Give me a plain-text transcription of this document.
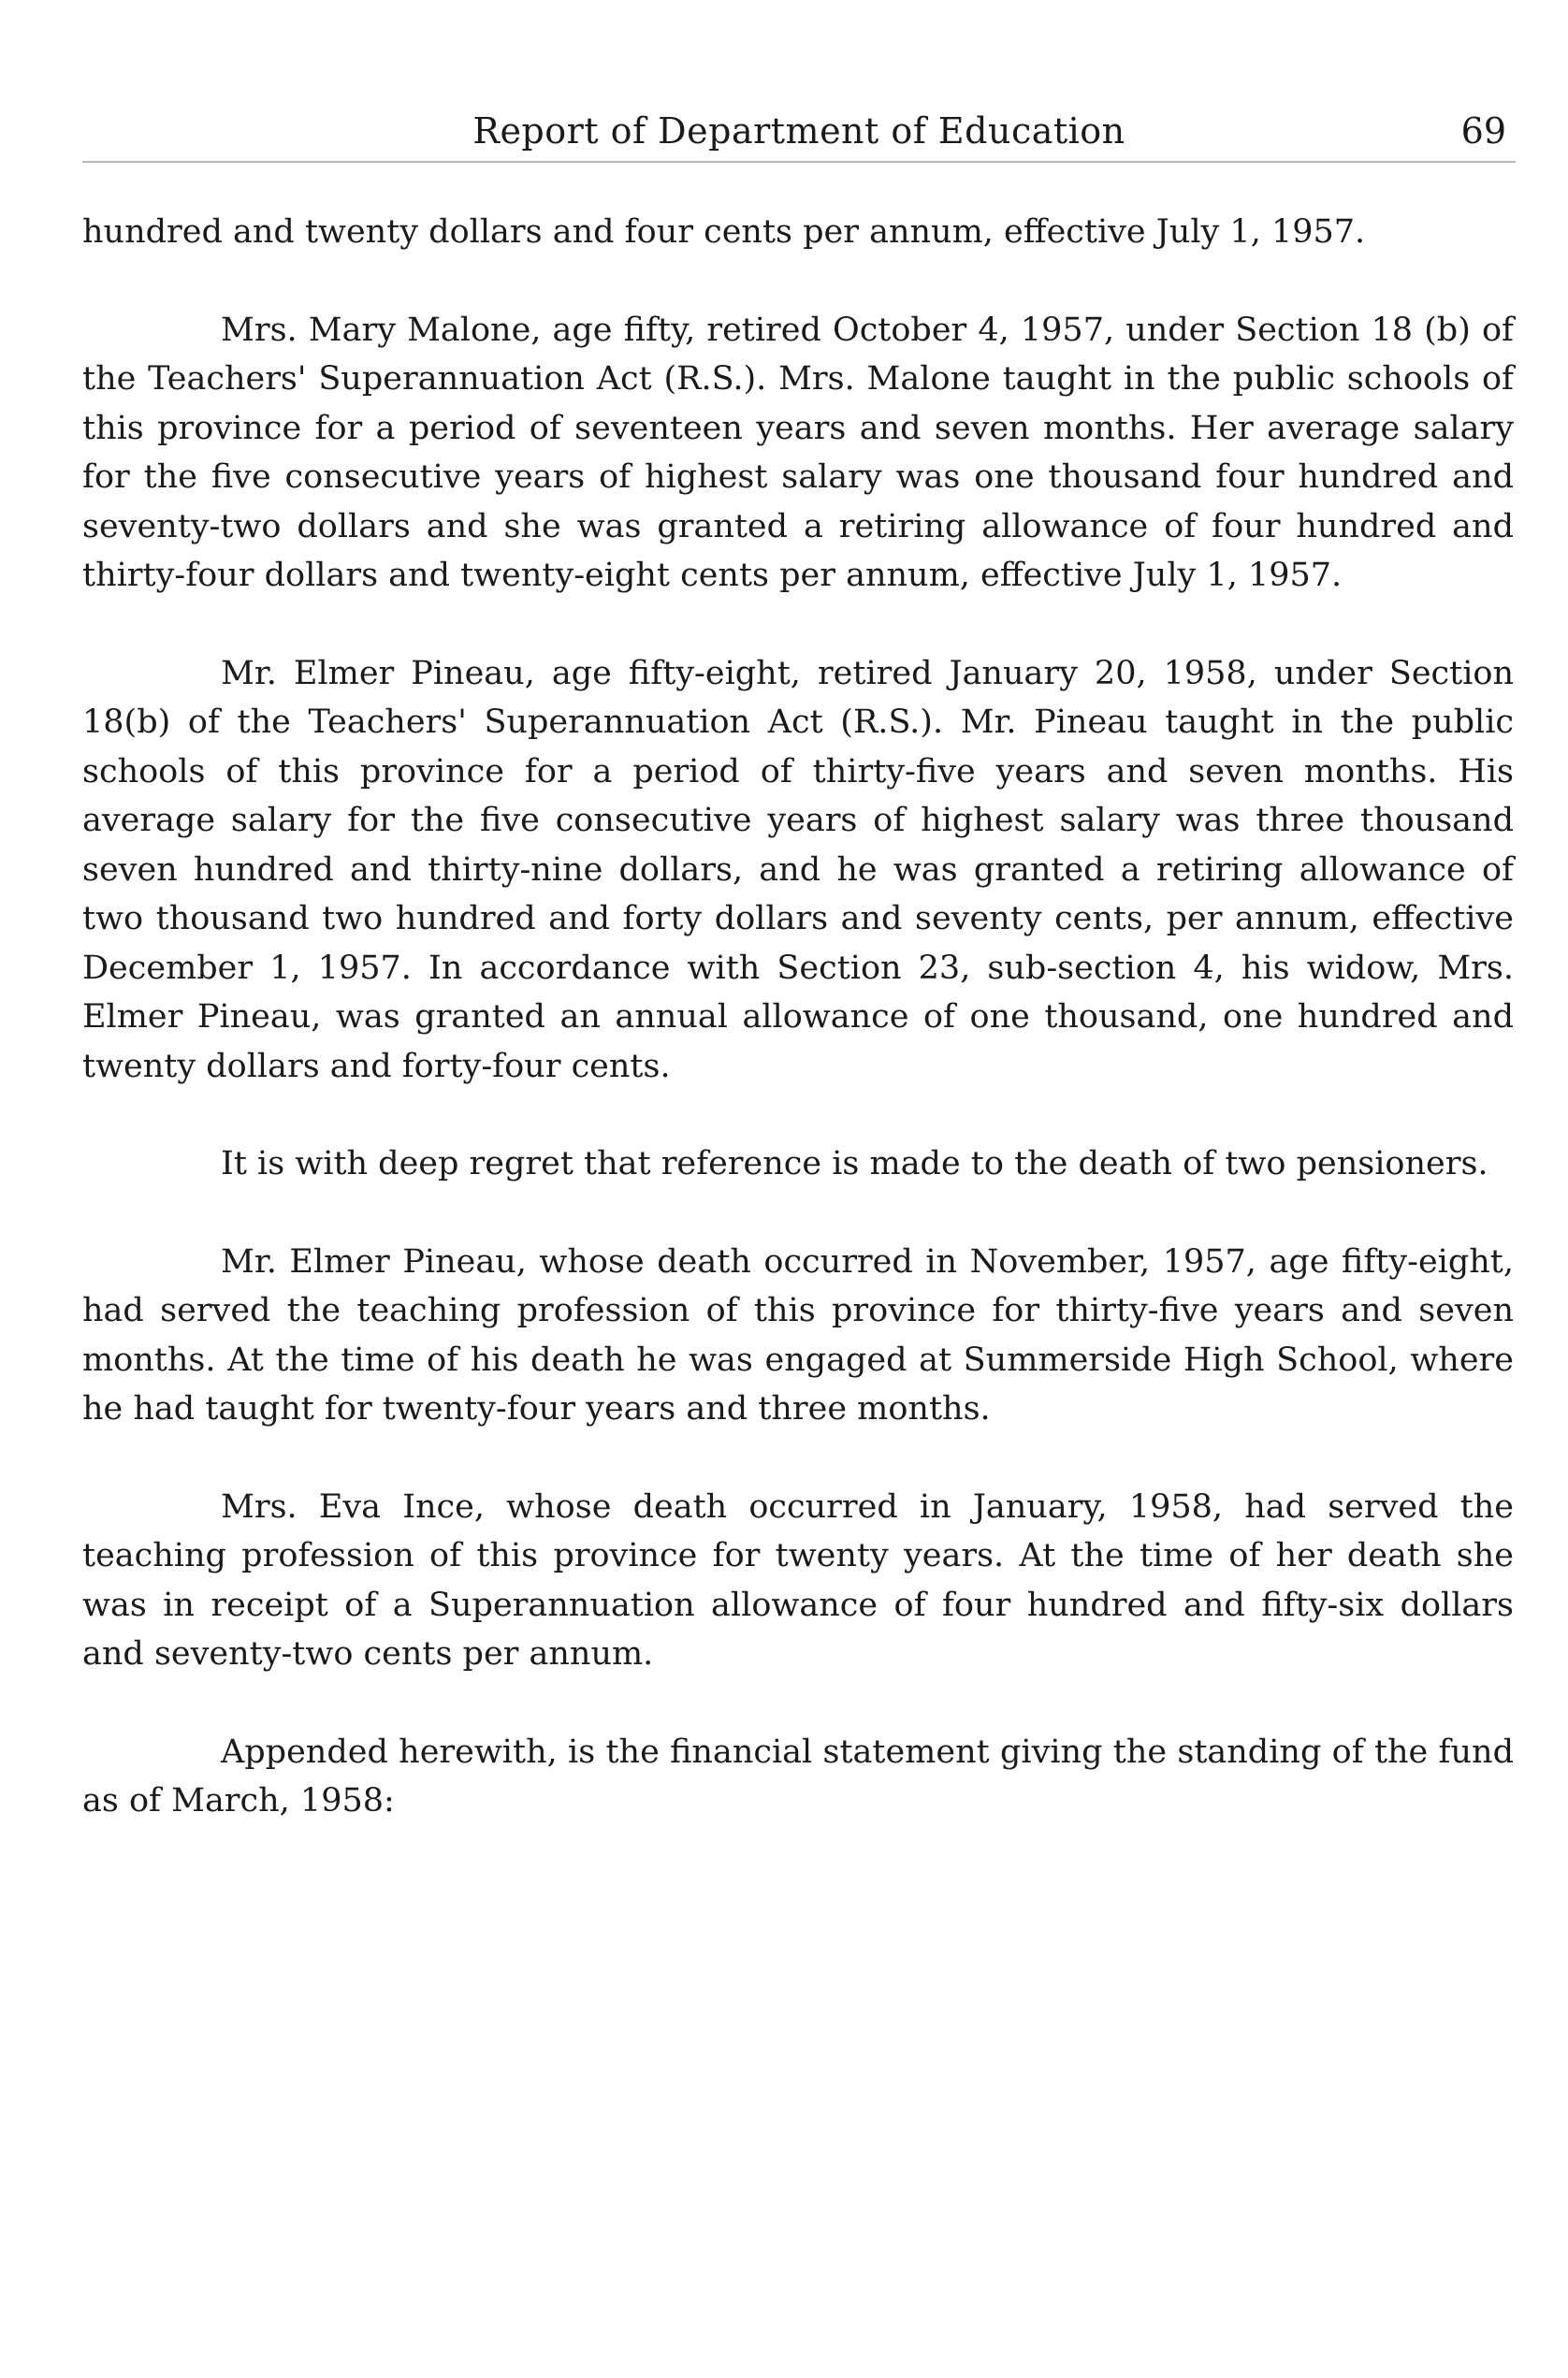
Report of Department of Education	69

hundred and twenty dollars and four cents per annum, effective July 1, 1957.

Mrs. Mary Malone, age fifty, retired October 4, 1957, under Section 18 (b) of the Teachers' Superannuation Act (R.S.). Mrs. Malone taught in the public schools of this province for a period of seventeen years and seven months. Her average salary for the five consecutive years of highest salary was one thousand four hundred and seventy-two dollars and she was granted a retiring allowance of four hundred and thirty-four dollars and twenty-eight cents per annum, effective July 1, 1957.

Mr. Elmer Pineau, age fifty-eight, retired January 20, 1958, under Section 18(b) of the Teachers' Superannuation Act (R.S.). Mr. Pineau taught in the public schools of this province for a period of thirty-five years and seven months. His average salary for the five consecutive years of highest salary was three thousand seven hundred and thirty-nine dollars, and he was granted a retiring allowance of two thousand two hundred and forty dollars and seventy cents, per annum, effective December 1, 1957. In accordance with Section 23, sub-section 4, his widow, Mrs. Elmer Pineau, was granted an annual allowance of one thousand, one hundred and twenty dollars and forty-four cents.

It is with deep regret that reference is made to the death of two pensioners.

Mr. Elmer Pineau, whose death occurred in November, 1957, age fifty-eight, had served the teaching profession of this province for thirty-five years and seven months. At the time of his death he was engaged at Summerside High School, where he had taught for twenty-four years and three months.

Mrs. Eva Ince, whose death occurred in January, 1958, had served the teaching profession of this province for twenty years. At the time of her death she was in receipt of a Superannuation allowance of four hundred and fifty-six dollars and seventy-two cents per annum.

Appended herewith, is the financial statement giving the standing of the fund as of March, 1958:
